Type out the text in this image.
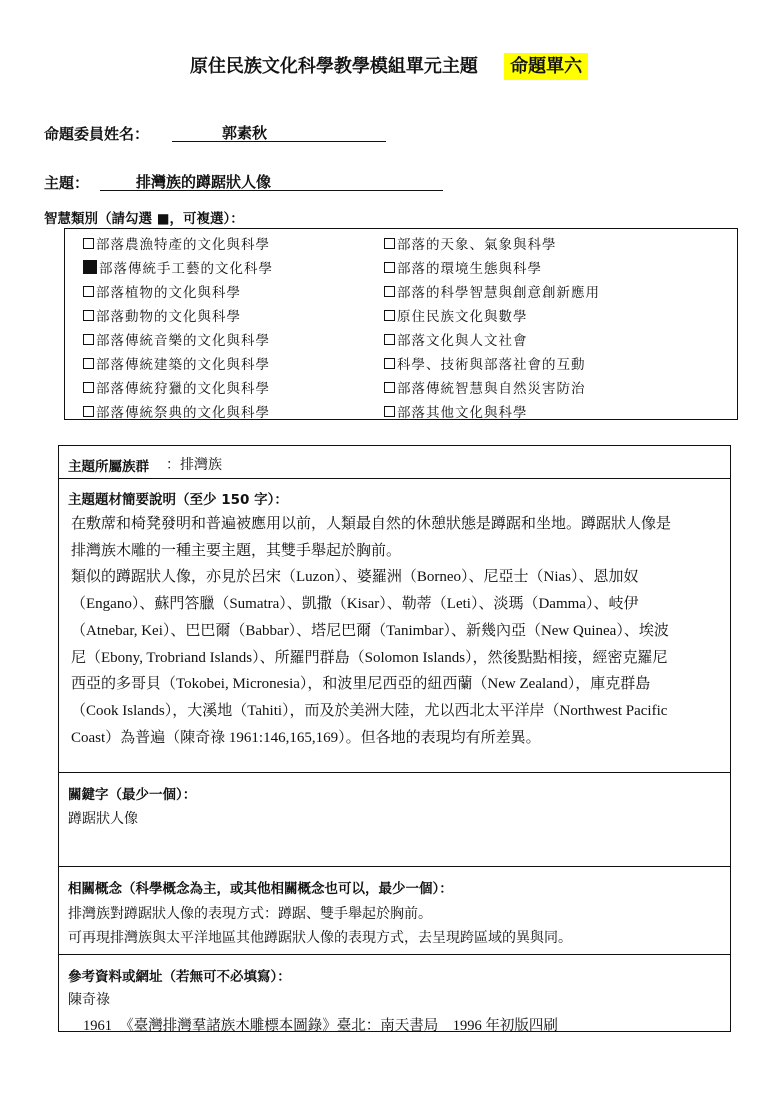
原住民族文化科學教學模組單元主題 命題單六
命題委員姓名：	郭素秋
主題：	排灣族的蹲踞狀人像
智慧類別（請勾選 ■，可複選）：
部落農漁特產的文化與科學
部落傳統手工藝的文化科學
部落植物的文化與科學
部落動物的文化與科學
部落傳統音樂的文化與科學
部落傳統建築的文化與科學
部落傳統狩獵的文化與科學
部落傳統祭典的文化與科學
部落的天象、氣象與科學
部落的環境生態與科學
部落的科學智慧與創意創新應用
原住民族文化與數學
部落文化與人文社會
科學、技術與部落社會的互動
部落傳統智慧與自然災害防治
部落其他文化與科學
主題所屬族群 ：排灣族
主題題材簡要說明（至少 150 字）：
在敷蓆和椅凳發明和普遍被應用以前，人類最自然的休憩狀態是蹲踞和坐地。蹲踞狀人像是
排灣族木雕的一種主要主題，其雙手舉起於胸前。
類似的蹲踞狀人像，亦見於呂宋（Luzon）、婆羅洲（Borneo）、尼亞士（Nias）、恩加奴
（Engano）、蘇門答臘（Sumatra）、凱撒（Kisar）、勒蒂（Leti）、淡瑪（Damma）、岐伊
（Atnebar, Kei）、巴巴爾（Babbar）、塔尼巴爾（Tanimbar）、新幾內亞（New Quinea）、埃波
尼（Ebony, Trobriand Islands）、所羅門群島（Solomon Islands），然後點點相接，經密克羅尼
西亞的多哥貝（Tokobei, Micronesia），和波里尼西亞的紐西蘭（New Zealand），庫克群島
（Cook Islands），大溪地（Tahiti），而及於美洲大陸，尤以西北太平洋岸（Northwest Pacific
Coast）為普遍（陳奇祿 1961:146,165,169）。但各地的表現均有所差異。
關鍵字（最少一個）：
蹲踞狀人像
相關概念（科學概念為主，或其他相關概念也可以，最少一個）：
排灣族對蹲踞狀人像的表現方式：蹲踞、雙手舉起於胸前。
可再現排灣族與太平洋地區其他蹲踞狀人像的表現方式，去呈現跨區域的異與同。
參考資料或網址（若無可不必填寫）：
陳奇祿
1961　《臺灣排灣羣諸族木雕標本圖錄》臺北：南天書局　1996 年初版四刷
